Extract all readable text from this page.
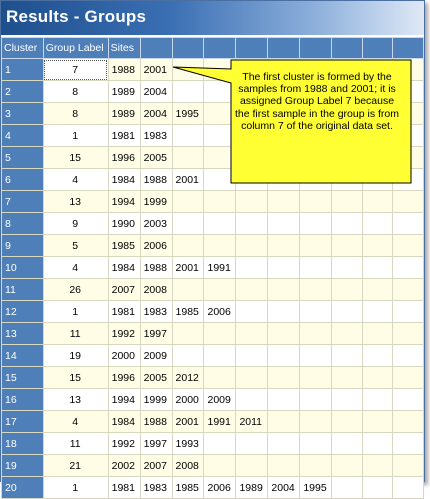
Results - Groups
Cluster	Group Label	Sites									
1	7	1988	2001								
2	8	1989	2004								
3	8	1989	2004	1995							
4	1	1981	1983								
5	15	1996	2005								
6	4	1984	1988	2001							
7	13	1994	1999								
8	9	1990	2003								
9	5	1985	2006								
10	4	1984	1988	2001	1991						
11	26	2007	2008								
12	1	1981	1983	1985	2006						
13	11	1992	1997								
14	19	2000	2009								
15	15	1996	2005	2012							
16	13	1994	1999	2000	2009						
17	4	1984	1988	2001	1991	2011					
18	11	1992	1997	1993							
19	21	2002	2007	2008							
20	1	1981	1983	1985	2006	1989	2004	1995			
The first cluster is formed by the samples from 1988 and 2001; it is assigned Group Label 7 because the first sample in the group is from column 7 of the original data set.
